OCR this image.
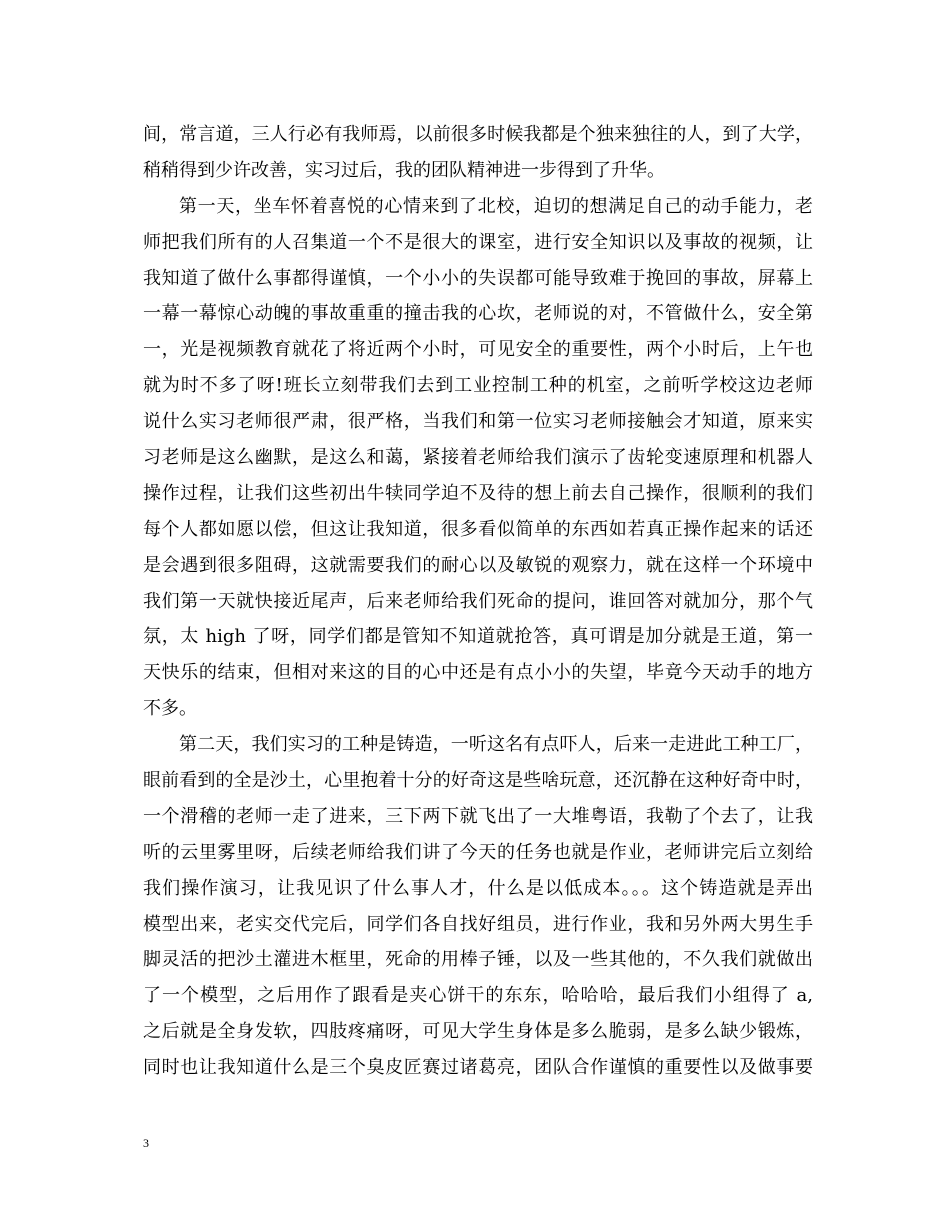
间，常言道，三人行必有我师焉，以前很多时候我都是个独来独往的人，到了大学，
稍稍得到少许改善，实习过后，我的团队精神进一步得到了升华。
第一天，坐车怀着喜悦的心情来到了北校，迫切的想满足自己的动手能力，老
师把我们所有的人召集道一个不是很大的课室，进行安全知识以及事故的视频，让
我知道了做什么事都得谨慎，一个小小的失误都可能导致难于挽回的事故，屏幕上
一幕一幕惊心动魄的事故重重的撞击我的心坎，老师说的对，不管做什么，安全第
一，光是视频教育就花了将近两个小时，可见安全的重要性，两个小时后，上午也
就为时不多了呀!班长立刻带我们去到工业控制工种的机室，之前听学校这边老师
说什么实习老师很严肃，很严格，当我们和第一位实习老师接触会才知道，原来实
习老师是这么幽默，是这么和蔼，紧接着老师给我们演示了齿轮变速原理和机器人
操作过程，让我们这些初出牛犊同学迫不及待的想上前去自己操作，很顺利的我们
每个人都如愿以偿，但这让我知道，很多看似简单的东西如若真正操作起来的话还
是会遇到很多阻碍，这就需要我们的耐心以及敏锐的观察力，就在这样一个环境中
我们第一天就快接近尾声，后来老师给我们死命的提问，谁回答对就加分，那个气
氛，太 high 了呀，同学们都是管知不知道就抢答，真可谓是加分就是王道，第一
天快乐的结束，但相对来这的目的心中还是有点小小的失望，毕竟今天动手的地方
不多。
第二天，我们实习的工种是铸造，一听这名有点吓人，后来一走进此工种工厂，
眼前看到的全是沙土，心里抱着十分的好奇这是些啥玩意，还沉静在这种好奇中时，
一个滑稽的老师一走了进来，三下两下就飞出了一大堆粤语，我勒了个去了，让我
听的云里雾里呀，后续老师给我们讲了今天的任务也就是作业，老师讲完后立刻给
我们操作演习，让我见识了什么事人才，什么是以低成本。。。这个铸造就是弄出
模型出来，老实交代完后，同学们各自找好组员，进行作业，我和另外两大男生手
脚灵活的把沙土灌进木框里，死命的用棒子锤，以及一些其他的，不久我们就做出
了一个模型，之后用作了跟看是夹心饼干的东东，哈哈哈，最后我们小组得了 a,
之后就是全身发软，四肢疼痛呀，可见大学生身体是多么脆弱，是多么缺少锻炼，
同时也让我知道什么是三个臭皮匠赛过诸葛亮，团队合作谨慎的重要性以及做事要
3
